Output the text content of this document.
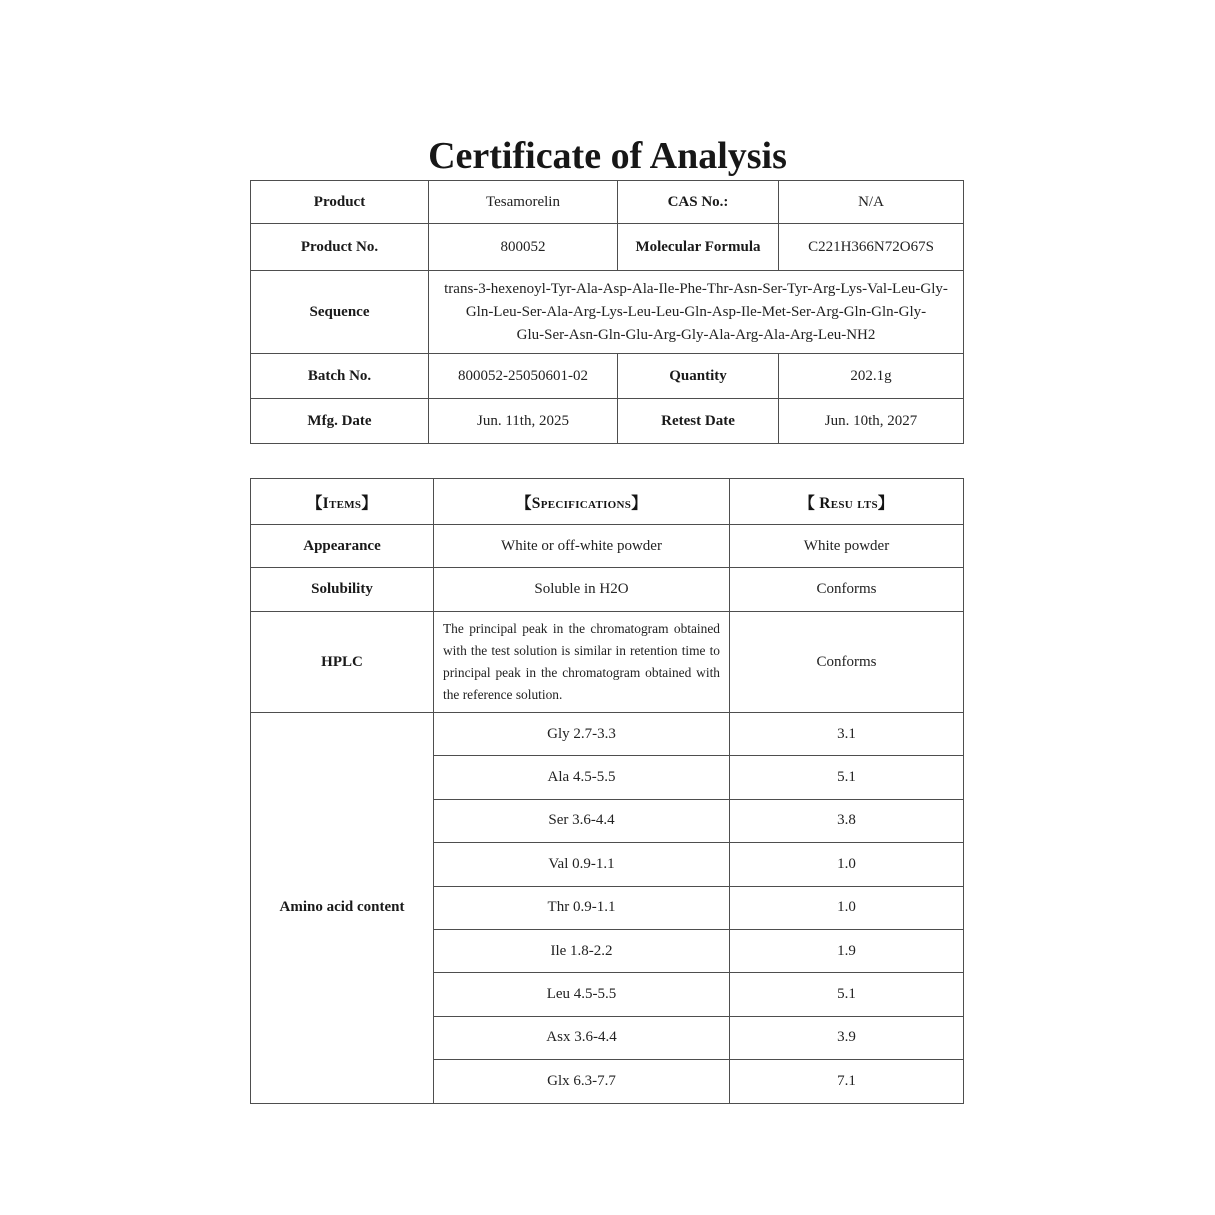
Certificate of Analysis
Product	Tesamorelin	CAS No.:	N/A
Product No.	800052	Molecular Formula	C221H366N72O67S
Sequence	trans-3-hexenoyl-Tyr-Ala-Asp-Ala-Ile-Phe-Thr-Asn-Ser-Tyr-Arg-Lys-Val-Leu-Gly-
Gln-Leu-Ser-Ala-Arg-Lys-Leu-Leu-Gln-Asp-Ile-Met-Ser-Arg-Gln-Gln-Gly-
Glu-Ser-Asn-Gln-Glu-Arg-Gly-Ala-Arg-Ala-Arg-Leu-NH2		

Batch No.	800052-25050601-02	Quantity	202.1g
Mfg. Date	Jun. 11th, 2025	Retest Date	Jun. 10th, 2027
【Items】	【Specifications】	【 Resu lts】
Appearance	White or off-white powder	White powder
Solubility	Soluble in H2O	Conforms
HPLC	The principal peak in the chromatogram obtained with the test solution is similar in retention time to principal peak in the chromatogram obtained with the reference solution.	Conforms
Amino acid content	Gly 2.7-3.3	3.1
	Ala 4.5-5.5	5.1
	Ser 3.6-4.4	3.8
	Val 0.9-1.1	1.0
	Thr 0.9-1.1	1.0
	Ile 1.8-2.2	1.9
	Leu 4.5-5.5	5.1
	Asx 3.6-4.4	3.9
	Glx 6.3-7.7	7.1
